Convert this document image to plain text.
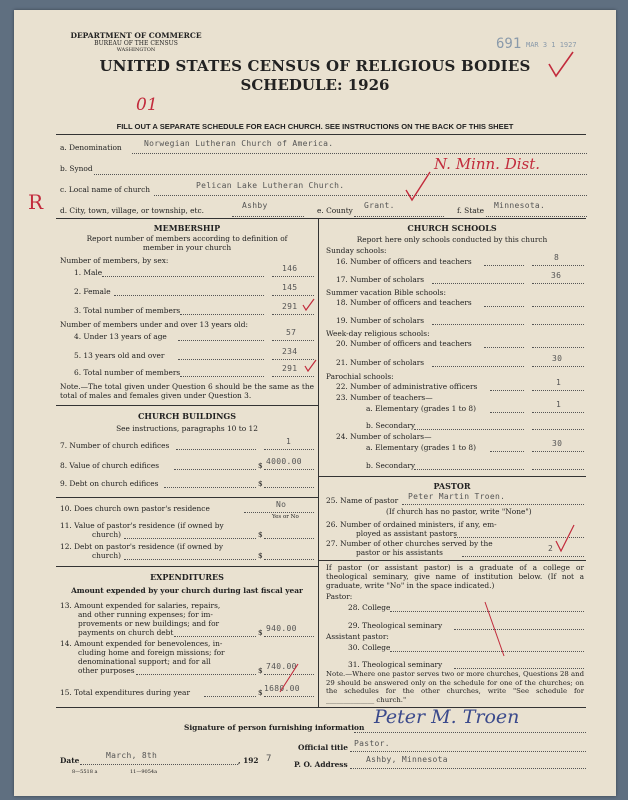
DEPARTMENT OF COMMERCE
BUREAU OF THE CENSUS
WASHINGTON	691 MAR 3 1 1927
UNITED STATES CENSUS OF RELIGIOUS BODIES
SCHEDULE: 1926
01
FILL OUT A SEPARATE SCHEDULE FOR EACH CHURCH. SEE INSTRUCTIONS ON THE BACK OF THIS SHEET
a. Denomination	Norwegian Lutheran Church of America.
b. Synod	N. Minn. Dist.
c. Local name of church	Pelican Lake Lutheran Church.
R d. City, town, village, or township, etc.
Ashby
e. County
Grant.
f. State
Minnesota.
MEMBERSHIP
Report number of members according to definition of member in your church
Number of members, by sex:
1. Male	146
2. Female	145
3. Total number of members	291
Number of members under and over 13 years old:
4. Under 13 years of age	57
5. 13 years old and over	234
6. Total number of members	291
Note.—The total given under Question 6 should be the same as the total of males and females given under Question 3.
CHURCH BUILDINGS
See instructions, paragraphs 10 to 12
7. Number of church edifices	1
8. Value of church edifices	$ 4000.00
9. Debt on church edifices	$
10. Does church own pastor's residence	No
Yes or No
11. Value of pastor's residence (if owned by
church)	$
12. Debt on pastor's residence (if owned by
church)	$
EXPENDITURES
Amount expended by your church during last fiscal year
13. Amount expended for salaries, repairs,
and other running expenses; for im-
provements or new buildings; and for
payments on church debt	$ 940.00
14. Amount expended for benevolences, in-
cluding home and foreign missions; for
denominational support; and for all
other purposes	$ 740.00
15. Total expenditures during year	$ 1680.00
CHURCH SCHOOLS
Report here only schools conducted by this church
Sunday schools:
16. Number of officers and teachers	8
17. Number of scholars	36
Summer vacation Bible schools:
18. Number of officers and teachers
19. Number of scholars
Week-day religious schools:
20. Number of officers and teachers
21. Number of scholars	30
Parochial schools:
22. Number of administrative officers	1
23. Number of teachers—
a. Elementary (grades 1 to 8)	1
b. Secondary
24. Number of scholars—
a. Elementary (grades 1 to 8)	30
b. Secondary
PASTOR
25. Name of pastor Peter Martin Troen.
(If church has no pastor, write "None")
26. Number of ordained ministers, if any, em-
ployed as assistant pastors
27. Number of other churches served by the
pastor or his assistants	2
If pastor (or assistant pastor) is a graduate of a college or theological seminary, give name of institution below. (If not a graduate, write "No" in the space indicated.)
Pastor:
28. College
29. Theological seminary
Assistant pastor:
30. College
31. Theological seminary
Note.—Where one pastor serves two or more churches, Questions 28 and 29 should be answered only on the schedule for one of the churches; on the schedules for the other churches, write "See schedule for ______________ church."
Signature of person furnishing information Peter M. Troen
Official title Pastor.
Date
March, 8th
, 192 7
8—5518 a	11—9054a
P. O. Address
Ashby, Minnesota
